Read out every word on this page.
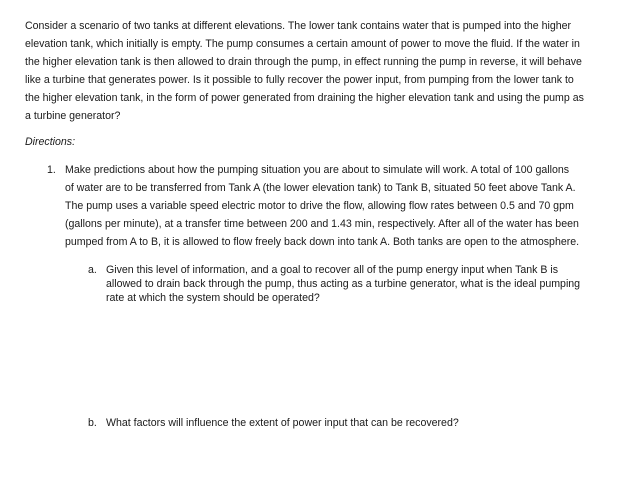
Consider a scenario of two tanks at different elevations. The lower tank contains water that is pumped into the higher elevation tank, which initially is empty. The pump consumes a certain amount of power to move the fluid. If the water in the higher elevation tank is then allowed to drain through the pump, in effect running the pump in reverse, it will behave like a turbine that generates power. Is it possible to fully recover the power input, from pumping from the lower tank to the higher elevation tank, in the form of power generated from draining the higher elevation tank and using the pump as a turbine generator?
Directions:
1. Make predictions about how the pumping situation you are about to simulate will work. A total of 100 gallons of water are to be transferred from Tank A (the lower elevation tank) to Tank B, situated 50 feet above Tank A. The pump uses a variable speed electric motor to drive the flow, allowing flow rates between 0.5 and 70 gpm (gallons per minute), at a transfer time between 200 and 1.43 min, respectively. After all of the water has been pumped from A to B, it is allowed to flow freely back down into tank A. Both tanks are open to the atmosphere.
a. Given this level of information, and a goal to recover all of the pump energy input when Tank B is allowed to drain back through the pump, thus acting as a turbine generator, what is the ideal pumping rate at which the system should be operated?
b. What factors will influence the extent of power input that can be recovered?
